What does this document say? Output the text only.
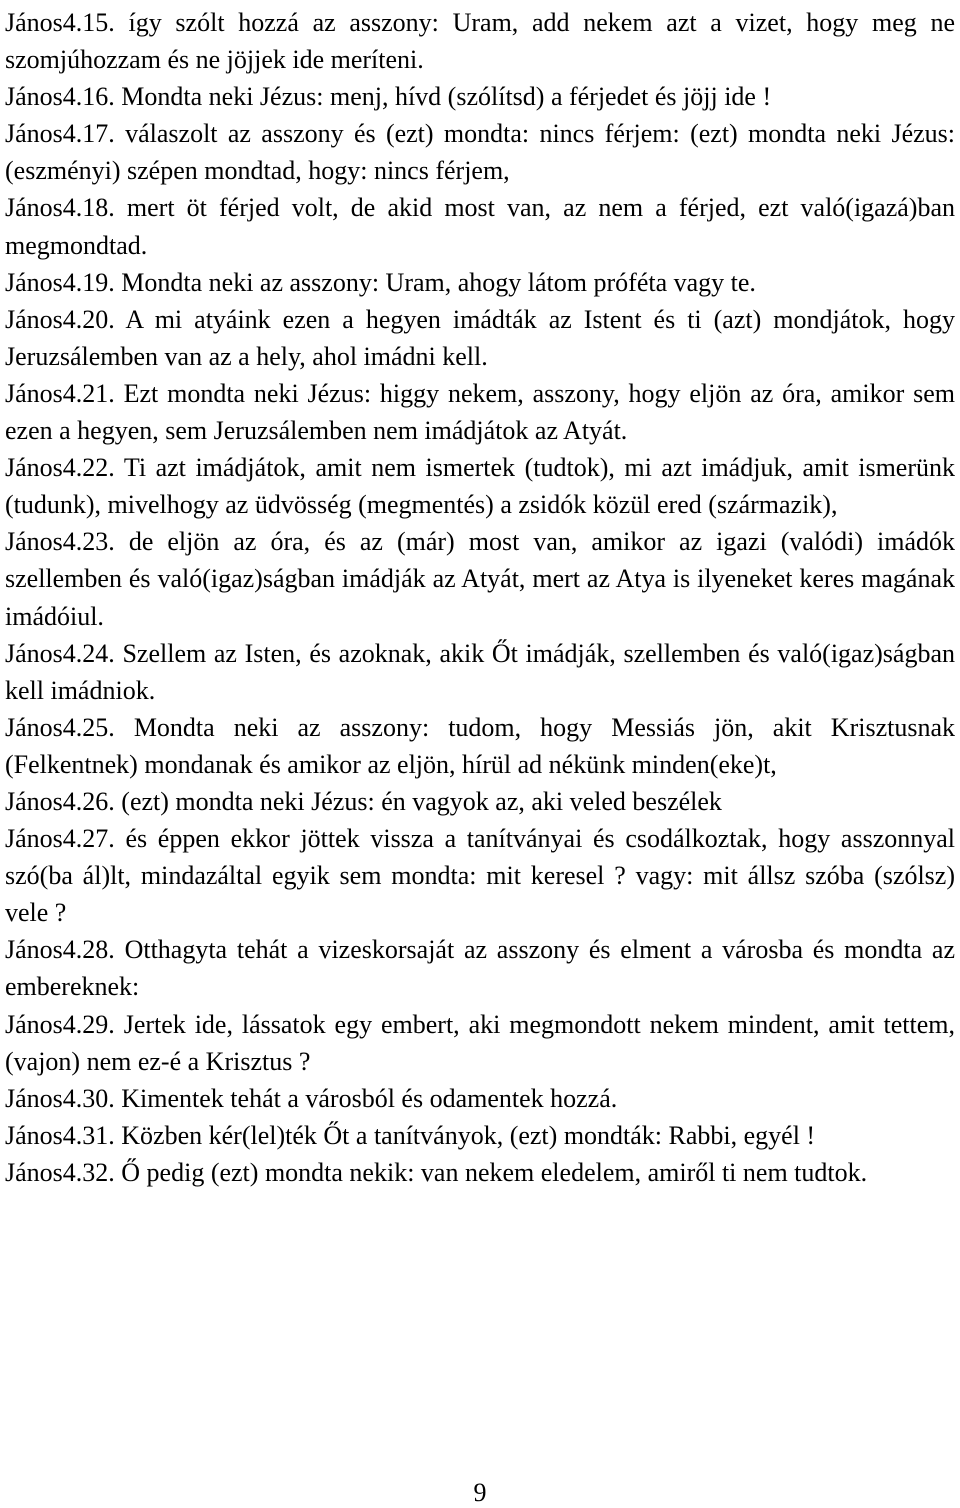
János4.15. így szólt hozzá az asszony: Uram, add nekem azt a vizet, hogy meg ne szomjúhozzam és ne jöjjek ide meríteni.

János4.16. Mondta neki Jézus: menj, hívd (szólítsd) a férjedet és jöjj ide !

János4.17. válaszolt az asszony és (ezt) mondta: nincs férjem: (ezt) mondta neki Jézus: (eszményi) szépen mondtad, hogy: nincs férjem,

János4.18. mert öt férjed volt, de akid most van, az nem a férjed, ezt való(igazá)ban megmondtad.

János4.19. Mondta neki az asszony: Uram, ahogy látom próféta vagy te.

János4.20. A mi atyáink ezen a hegyen imádták az Istent és ti (azt) mondjátok, hogy Jeruzsálemben van az a hely, ahol imádni kell.

János4.21. Ezt mondta neki Jézus: higgy nekem, asszony, hogy eljön az óra, amikor sem ezen a hegyen, sem Jeruzsálemben nem imádjátok az Atyát.

János4.22. Ti azt imádjátok, amit nem ismertek (tudtok), mi azt imádjuk, amit ismerünk (tudunk), mivelhogy az üdvösség (megmentés) a zsidók közül ered (származik),

János4.23. de eljön az óra, és az (már) most van, amikor az igazi (valódi) imádók szellemben és való(igaz)ságban imádják az Atyát, mert az Atya is ilyeneket keres magának imádóiul.

János4.24. Szellem az Isten, és azoknak, akik Őt imádják, szellemben és való(igaz)ságban kell imádniok.

János4.25. Mondta neki az asszony: tudom, hogy Messiás jön, akit Krisztusnak (Felkentnek) mondanak és amikor az eljön, hírül ad nékünk minden(eke)t,

János4.26. (ezt) mondta neki Jézus: én vagyok az, aki veled beszélek

János4.27. és éppen ekkor jöttek vissza a tanítványai és csodálkoztak, hogy asszonnyal szó(ba ál)lt, mindazáltal egyik sem mondta: mit keresel ? vagy: mit állsz szóba (szólsz) vele ?

János4.28. Otthagyta tehát a vizeskorsaját az asszony és elment a városba és mondta az embereknek:

János4.29. Jertek ide, lássatok egy embert, aki megmondott nekem mindent, amit tettem, (vajon) nem ez-é a Krisztus ?

János4.30. Kimentek tehát a városból és odamentek hozzá.

János4.31. Közben kér(lel)ték Őt a tanítványok, (ezt) mondták: Rabbi, egyél !

János4.32. Ő pedig (ezt) mondta nekik: van nekem eledelem, amiről ti nem tudtok.

9
